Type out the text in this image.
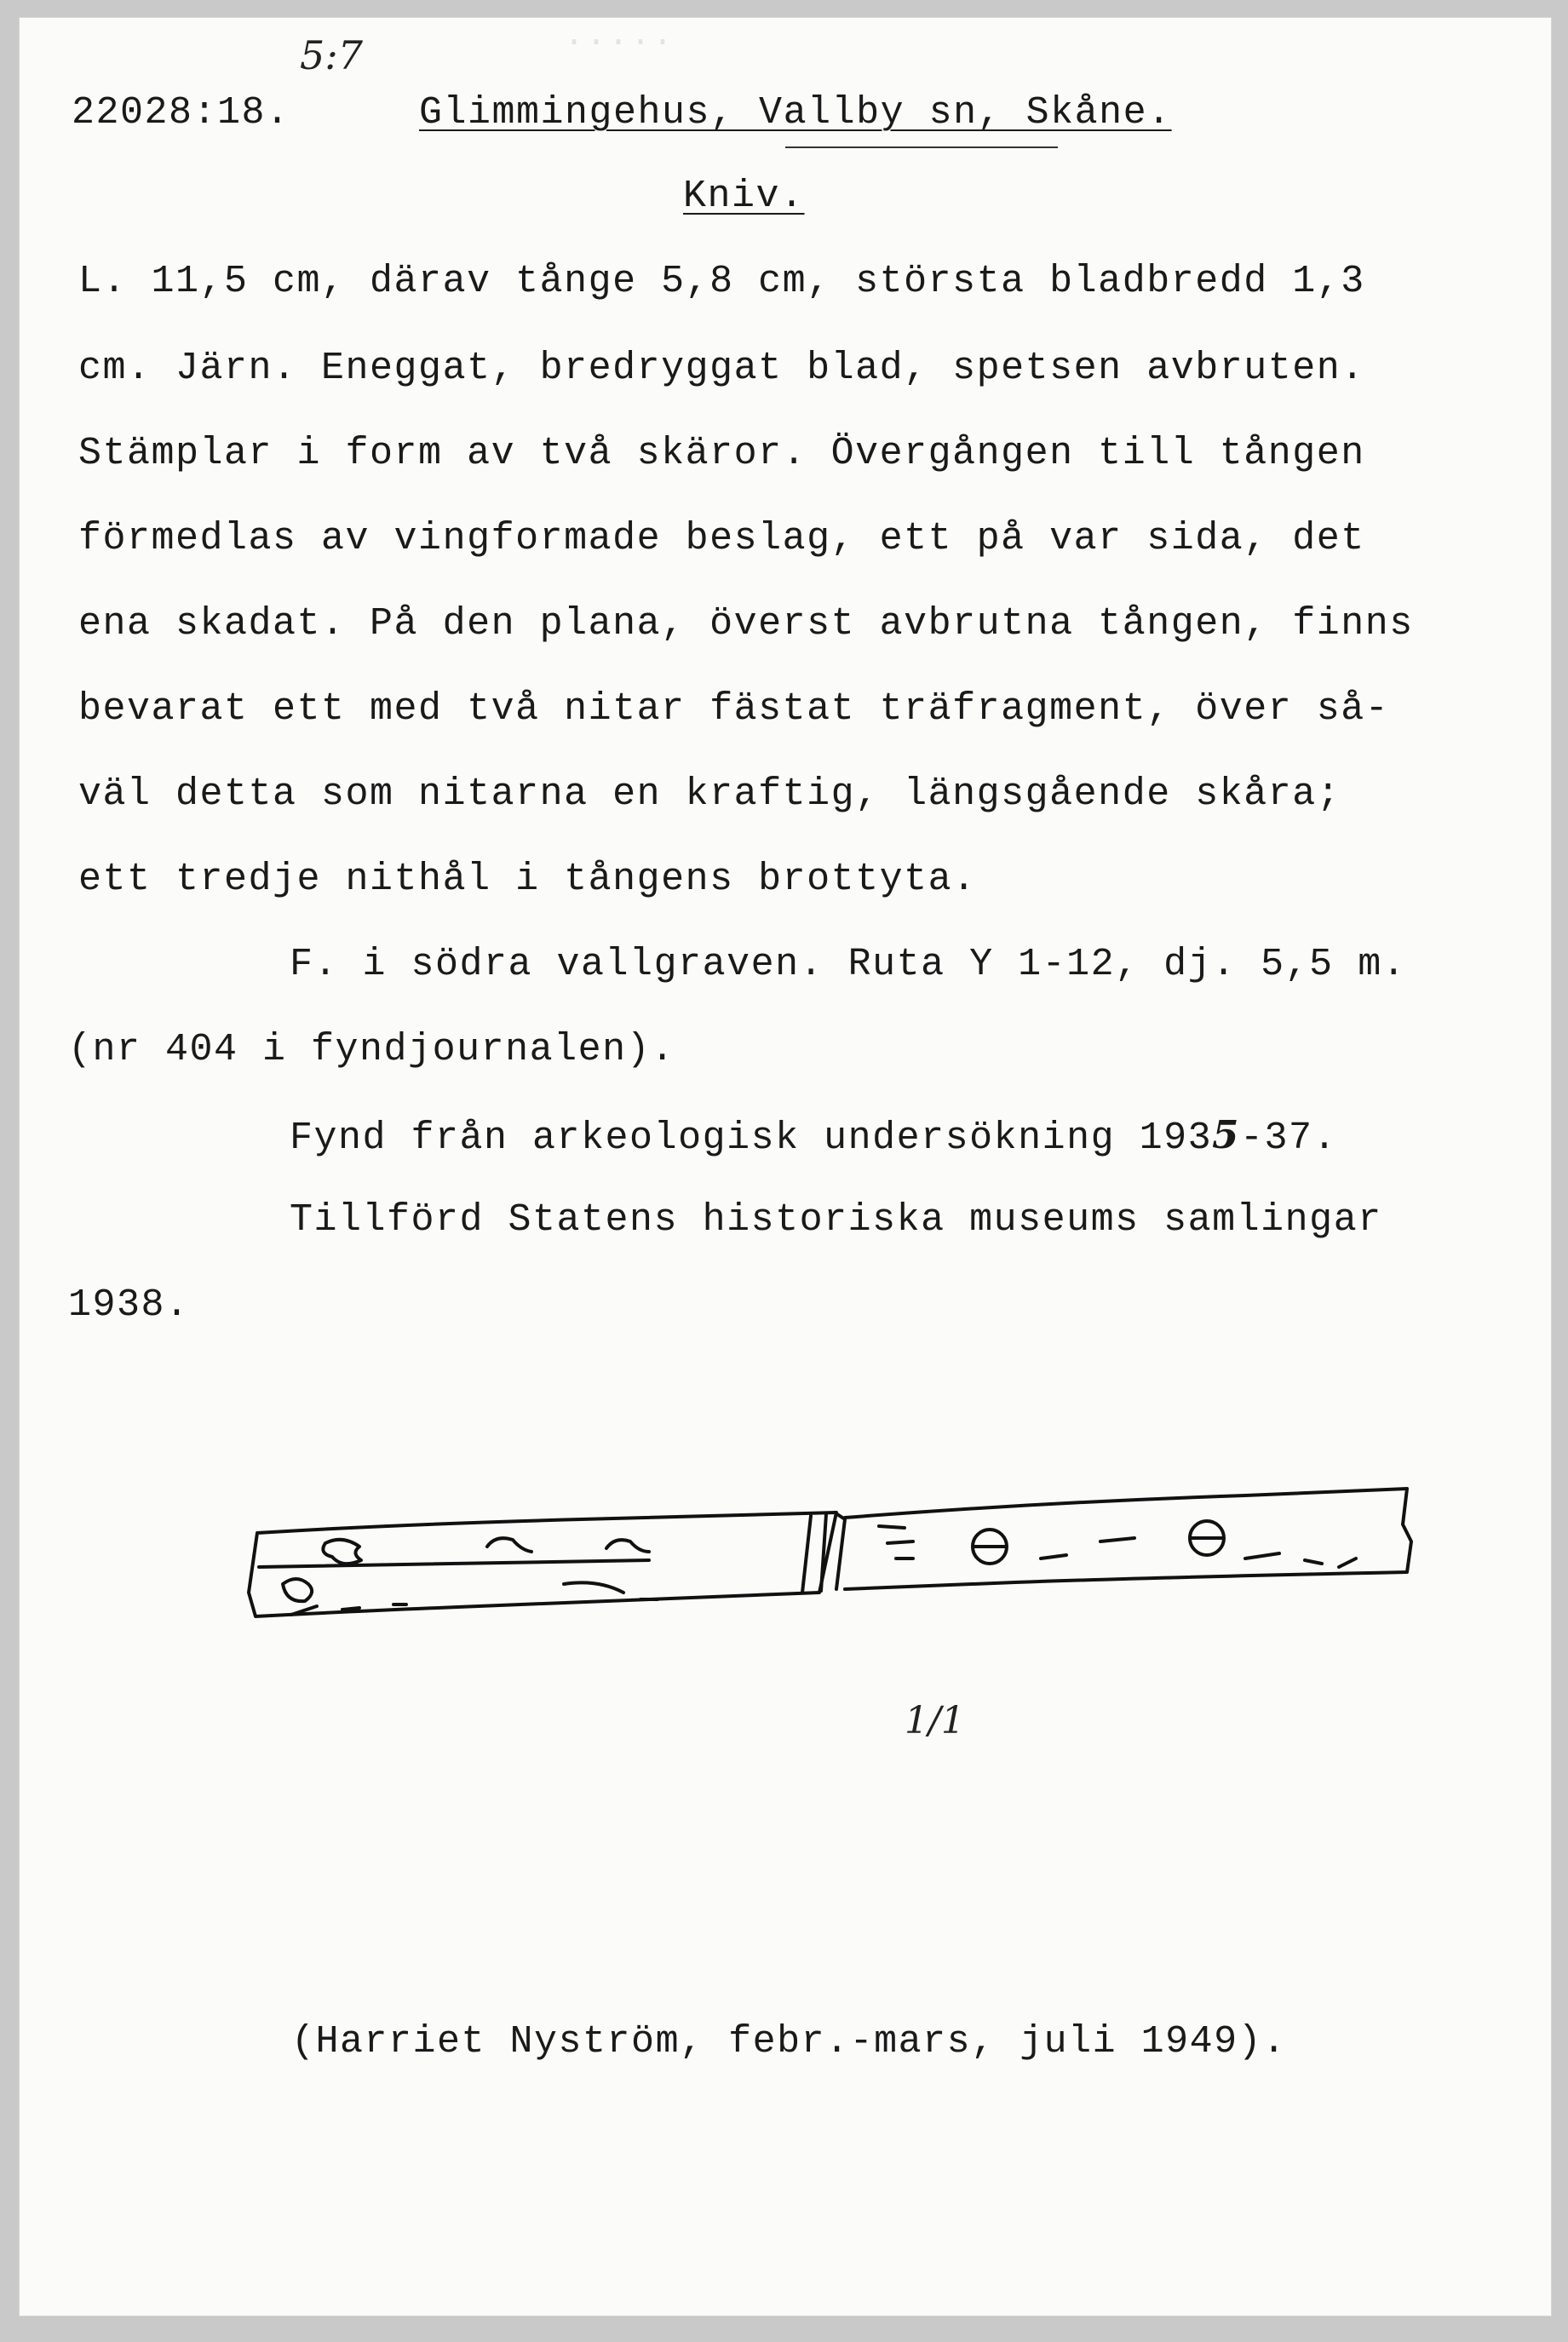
·····
5:7
22028:18.	Glimmingehus, Vallby sn, Skåne.
Kniv.
L. 11,5 cm, därav tånge 5,8 cm, största bladbredd 1,3
cm. Järn. Eneggat, bredryggat blad, spetsen avbruten.
Stämplar i form av två skäror. Övergången till tången
förmedlas av vingformade beslag, ett på var sida, det
ena skadat. På den plana, överst avbrutna tången, finns
bevarat ett med två nitar fästat träfragment, över så-
väl detta som nitarna en kraftig, längsgående skåra;
ett tredje nithål i tångens brottyta.
F. i södra vallgraven. Ruta Y 1-12, dj. 5,5 m.
(nr 404 i fyndjournalen).
Fynd från arkeologisk undersökning 1935-37.
Tillförd Statens historiska museums samlingar
1938.
1/1
(Harriet Nyström, febr.-mars, juli 1949).
